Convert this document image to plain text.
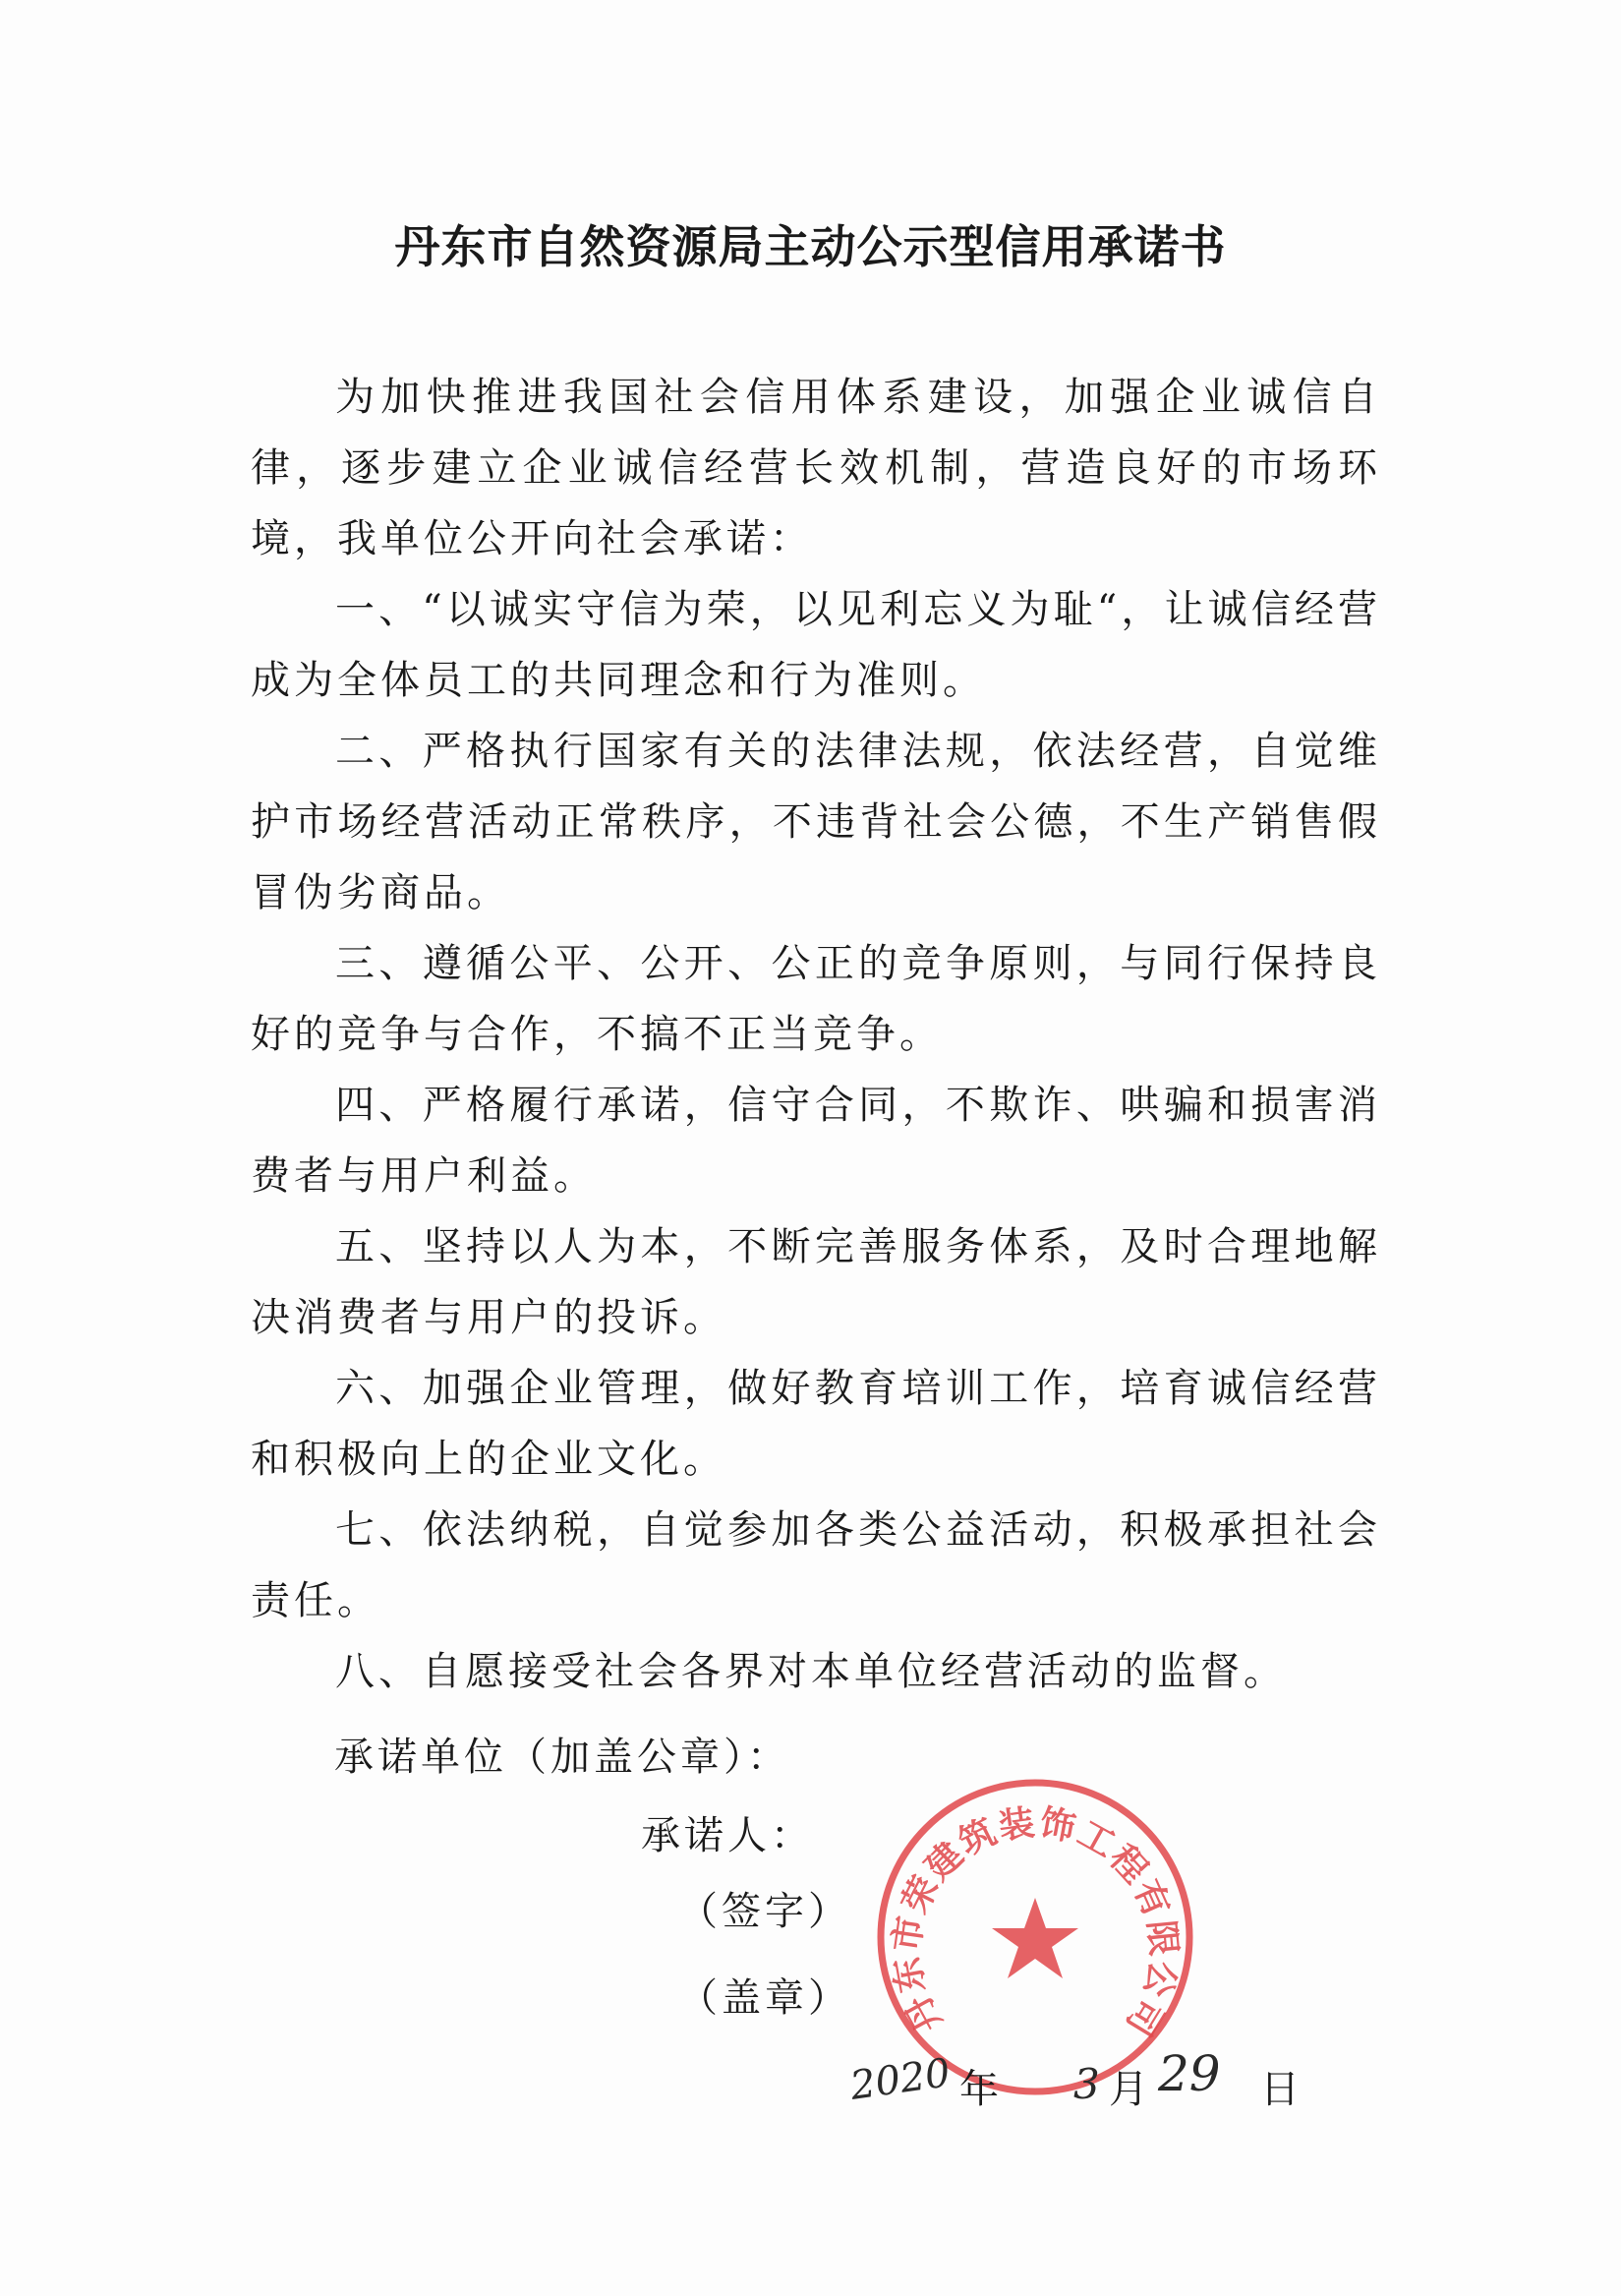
丹东市自然资源局主动公示型信用承诺书

为加快推进我国社会信用体系建设，加强企业诚信自律，逐步建立企业诚信经营长效机制，营造良好的市场环境，我单位公开向社会承诺：

一、“以诚实守信为荣，以见利忘义为耻“，让诚信经营成为全体员工的共同理念和行为准则。

二、严格执行国家有关的法律法规，依法经营，自觉维护市场经营活动正常秩序，不违背社会公德，不生产销售假冒伪劣商品。

三、遵循公平、公开、公正的竞争原则，与同行保持良好的竞争与合作，不搞不正当竞争。

四、严格履行承诺，信守合同，不欺诈、哄骗和损害消费者与用户利益。

五、坚持以人为本，不断完善服务体系，及时合理地解决消费者与用户的投诉。

六、加强企业管理，做好教育培训工作，培育诚信经营和积极向上的企业文化。

七、依法纳税，自觉参加各类公益活动，积极承担社会责任。

八、自愿接受社会各界对本单位经营活动的监督。

承诺单位（加盖公章）：
承诺人：
（签字）
（盖章） 丹东市荣建筑装饰工程有限公司
2020 年 3 月 29 日
